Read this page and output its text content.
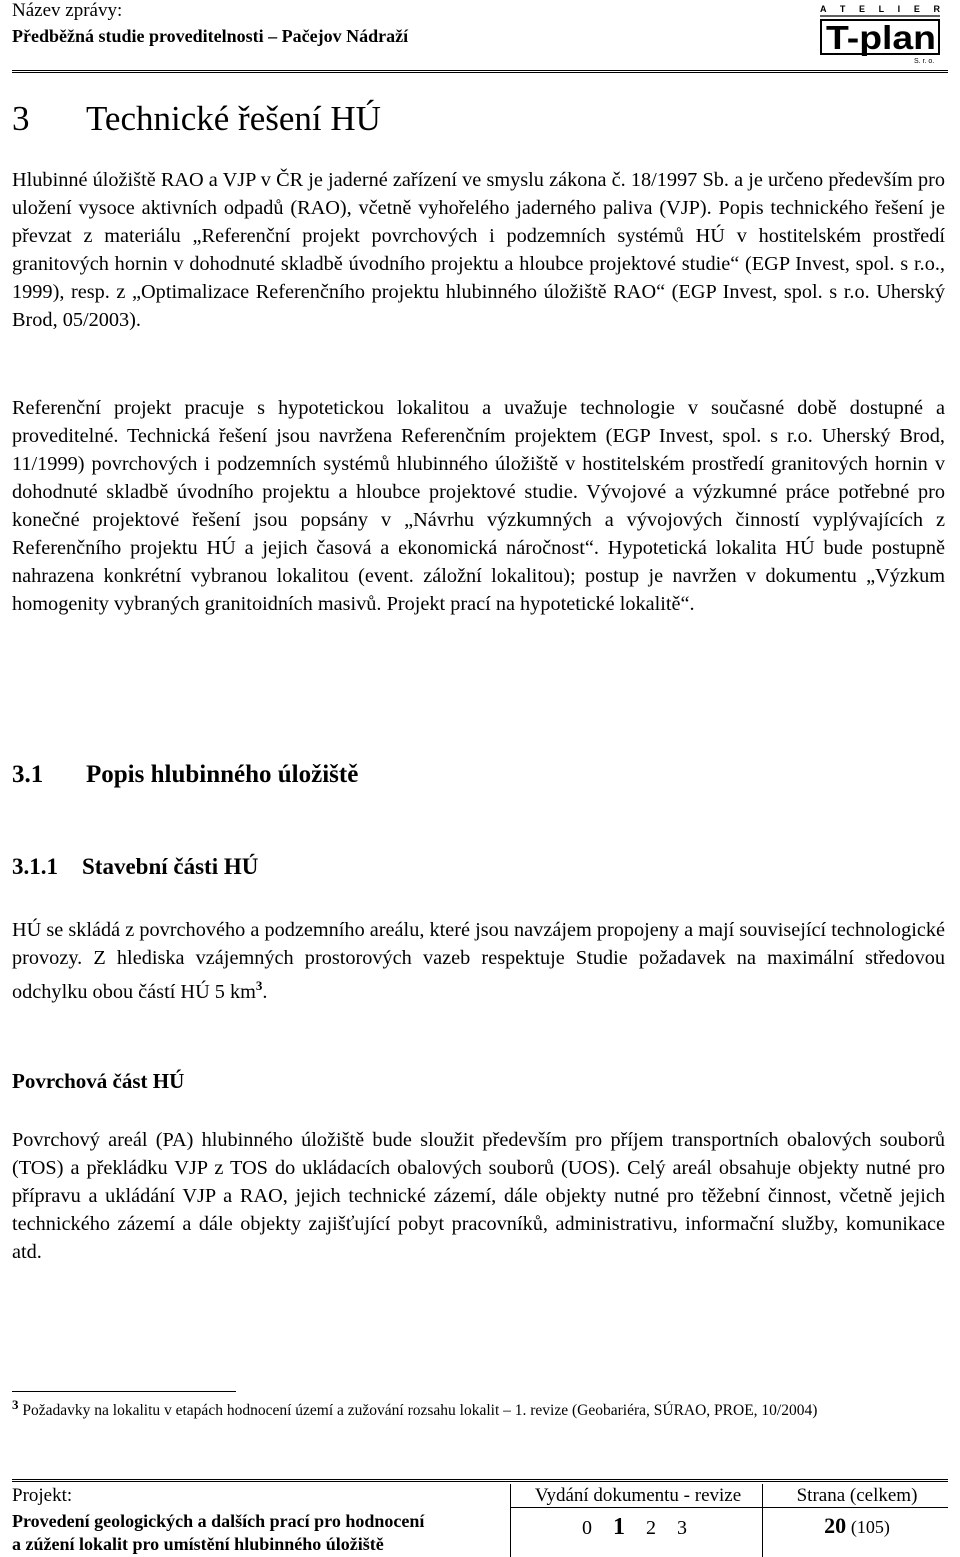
Název zprávy:
Předběžná studie proveditelnosti – Pačejov Nádraží
A T E L I E R
T-plan
S. r. o.
3 Technické řešení HÚ

Hlubinné úložiště RAO a VJP v ČR je jaderné zařízení ve smyslu zákona č. 18/1997 Sb. a je určeno především pro uložení vysoce aktivních odpadů (RAO), včetně vyhořelého jaderného paliva (VJP). Popis technického řešení je převzat z materiálu „Referenční projekt povrchových i podzemních systémů HÚ v hostitelském prostředí granitových hornin v dohodnuté skladbě úvodního projektu a hloubce projektové studie“ (EGP Invest, spol. s r.o., 1999), resp. z „Optimalizace Referenčního projektu hlubinného úložiště RAO“ (EGP Invest, spol. s r.o. Uherský Brod, 05/2003).

Referenční projekt pracuje s hypotetickou lokalitou a uvažuje technologie v současné době dostupné a proveditelné. Technická řešení jsou navržena Referenčním projektem (EGP Invest, spol. s r.o. Uherský Brod, 11/1999) povrchových i podzemních systémů hlubinného úložiště v hostitelském prostředí granitových hornin v dohodnuté skladbě úvodního projektu a hloubce projektové studie. Vývojové a výzkumné práce potřebné pro konečné projektové řešení jsou popsány v „Návrhu výzkumných a vývojových činností vyplývajících z Referenčního projektu HÚ a jejich časová a ekonomická náročnost“. Hypotetická lokalita HÚ bude postupně nahrazena konkrétní vybranou lokalitou (event. záložní lokalitou); postup je navržen v dokumentu „Výzkum homogenity vybraných granitoidních masivů. Projekt prací na hypotetické lokalitě“.

3.1 Popis hlubinného úložiště
3.1.1 Stavební části HÚ

HÚ se skládá z povrchového a podzemního areálu, které jsou navzájem propojeny a mají související technologické provozy. Z hlediska vzájemných prostorových vazeb respektuje Studie požadavek na maximální středovou odchylku obou částí HÚ 5 $km^3$.

Povrchová část HÚ

Povrchový areál (PA) hlubinného úložiště bude sloužit především pro příjem transportních obalových souborů (TOS) a překládku VJP z TOS do ukládacích obalových souborů (UOS). Celý areál obsahuje objekty nutné pro přípravu a ukládání VJP a RAO, jejich technické zázemí, dále objekty nutné pro těžební činnost, včetně jejich technického zázemí a dále objekty zajišťující pobyt pracovníků, administrativu, informační služby, komunikace atd.

$^3$ Požadavky na lokalitu v etapách hodnocení území a zužování rozsahu lokalit – 1. revize (Geobariéra, SÚRAO, PROE, 10/2004)
Projekt:
Provedení geologických a dalších prací pro hodnocení
a zúžení lokalit pro umístění hlubinného úložiště
Vydání dokumentu - revize
0 1 2 3
Strana (celkem)
20 (105)
